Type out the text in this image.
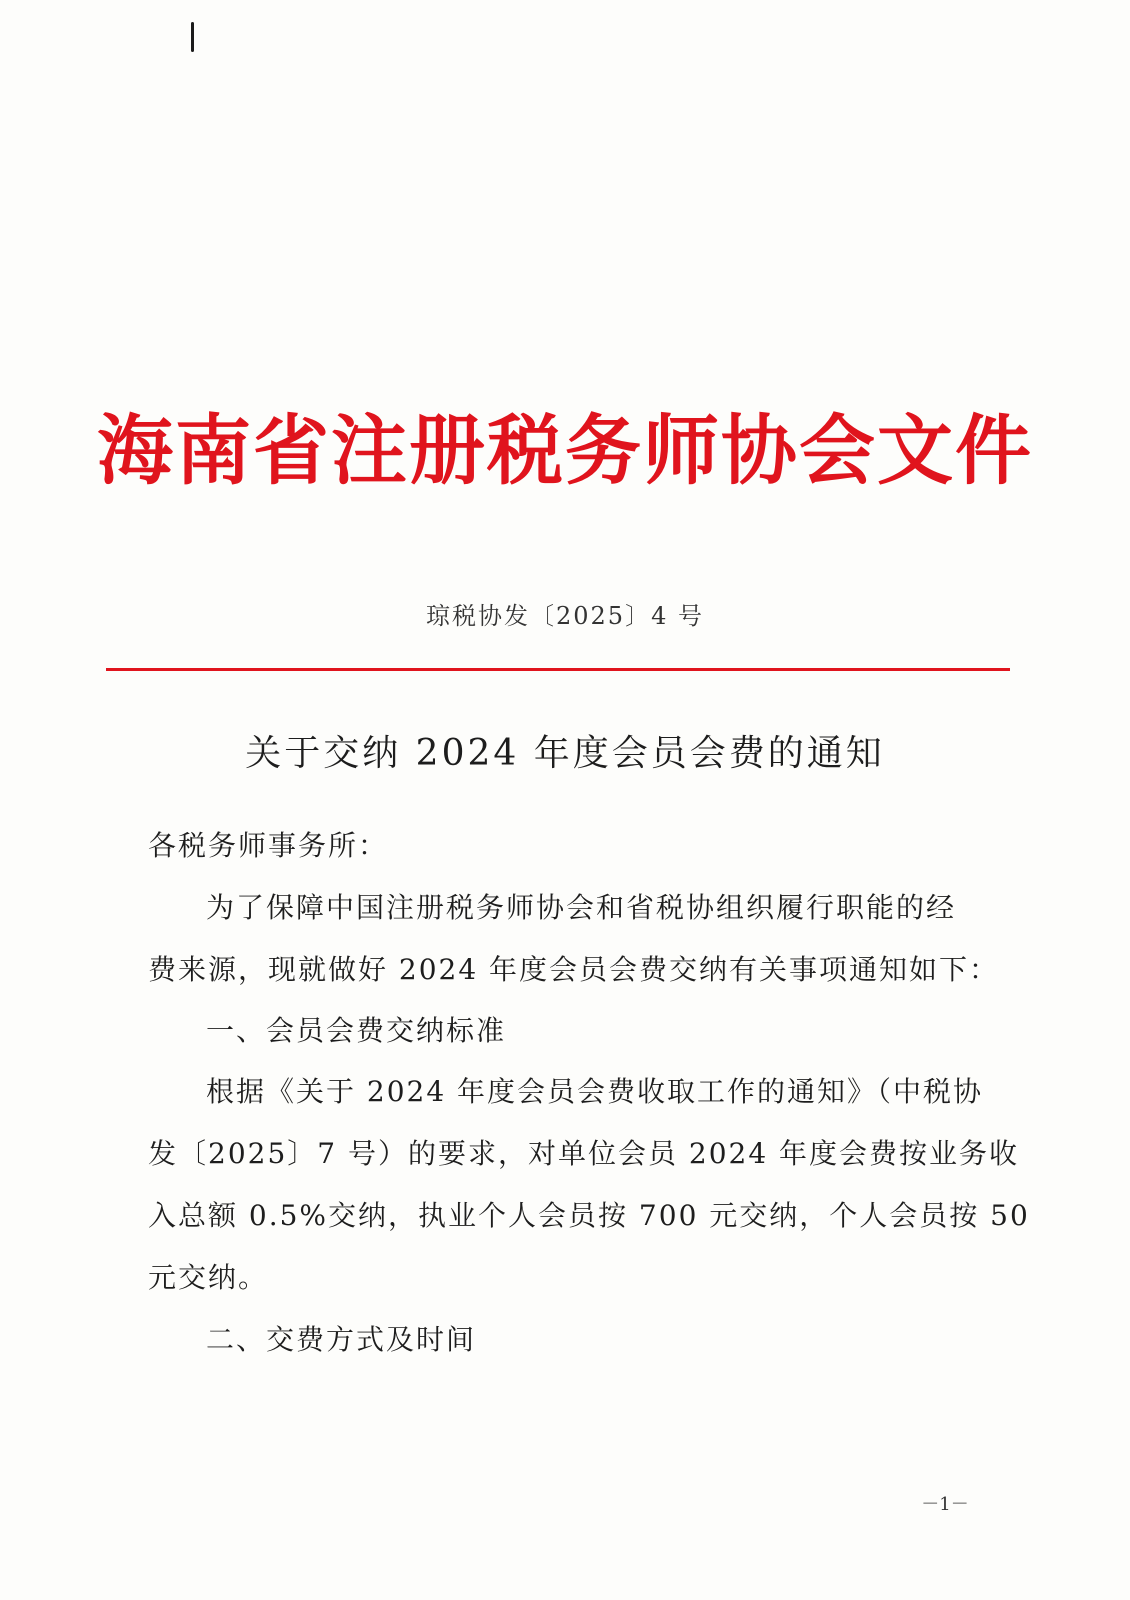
海南省注册税务师协会文件
琼税协发〔2025〕4 号
关于交纳 2024 年度会员会费的通知
各税务师事务所：
为了保障中国注册税务师协会和省税协组织履行职能的经
费来源，现就做好 2024 年度会员会费交纳有关事项通知如下：
一、会员会费交纳标准
根据《关于 2024 年度会员会费收取工作的通知》（中税协
发〔2025〕7 号）的要求，对单位会员 2024 年度会费按业务收
入总额 0.5%交纳，执业个人会员按 700 元交纳，个人会员按 50
元交纳。
二、交费方式及时间
－1－
